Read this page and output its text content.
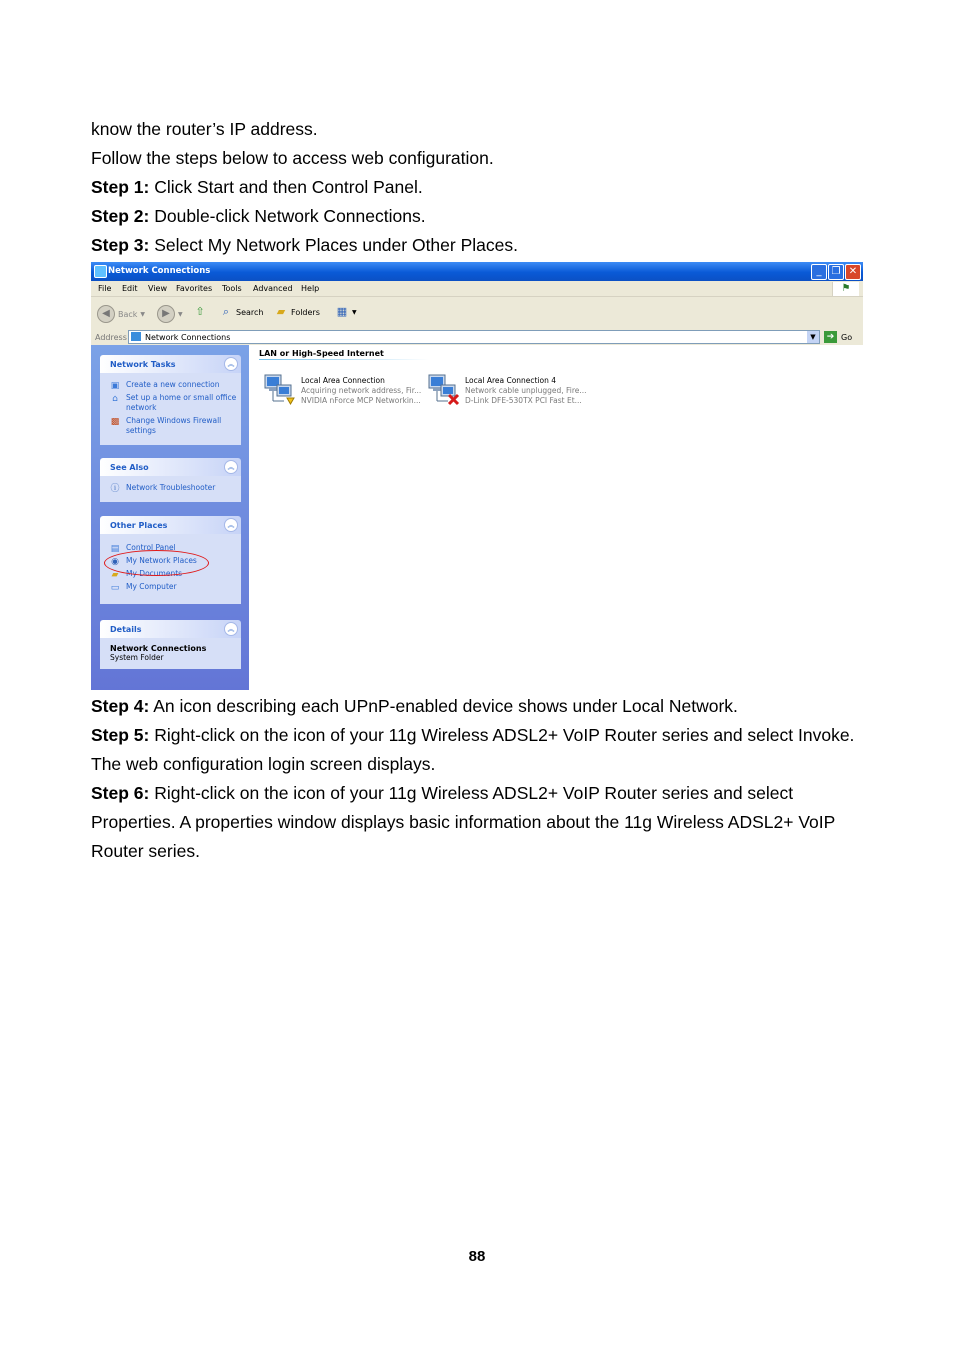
know the router’s IP address.

Follow the steps below to access web configuration.

Step 1: Click Start and then Control Panel.

Step 2: Double-click Network Connections.

Step 3: Select My Network Places under Other Places.

Network Connections	_	❐ ✕
File Edit View Favorites Tools Advanced Help	⚑
◀	Back ▼	▶	▼ ⇧	⌕ Search ▰ Folders ▦ ▼
Address Network Connections	▼	➔ Go
Network Tasks	︽
▣ Create a new connection
⌂ Set up a home or small office network
▩ Change Windows Firewall settings
See Also	︽
ⓘ Network Troubleshooter
Other Places	︽
▤ Control Panel
◉ My Network Places
▰ My Documents
▭ My Computer
Details	︽
Network Connections
System Folder
LAN or High-Speed Internet
Local Area Connection
Acquiring network address, Fir...
NVIDIA nForce MCP Networkin...
Local Area Connection 4
Network cable unplugged, Fire...
D-Link DFE-530TX PCI Fast Et...

Step 4: An icon describing each UPnP-enabled device shows under Local Network.

Step 5: Right-click on the icon of your 11g Wireless ADSL2+ VoIP Router series and select Invoke. The web configuration login screen displays.

Step 6: Right-click on the icon of your 11g Wireless ADSL2+ VoIP Router series and select Properties. A properties window displays basic information about the 11g Wireless ADSL2+ VoIP Router series.

88
